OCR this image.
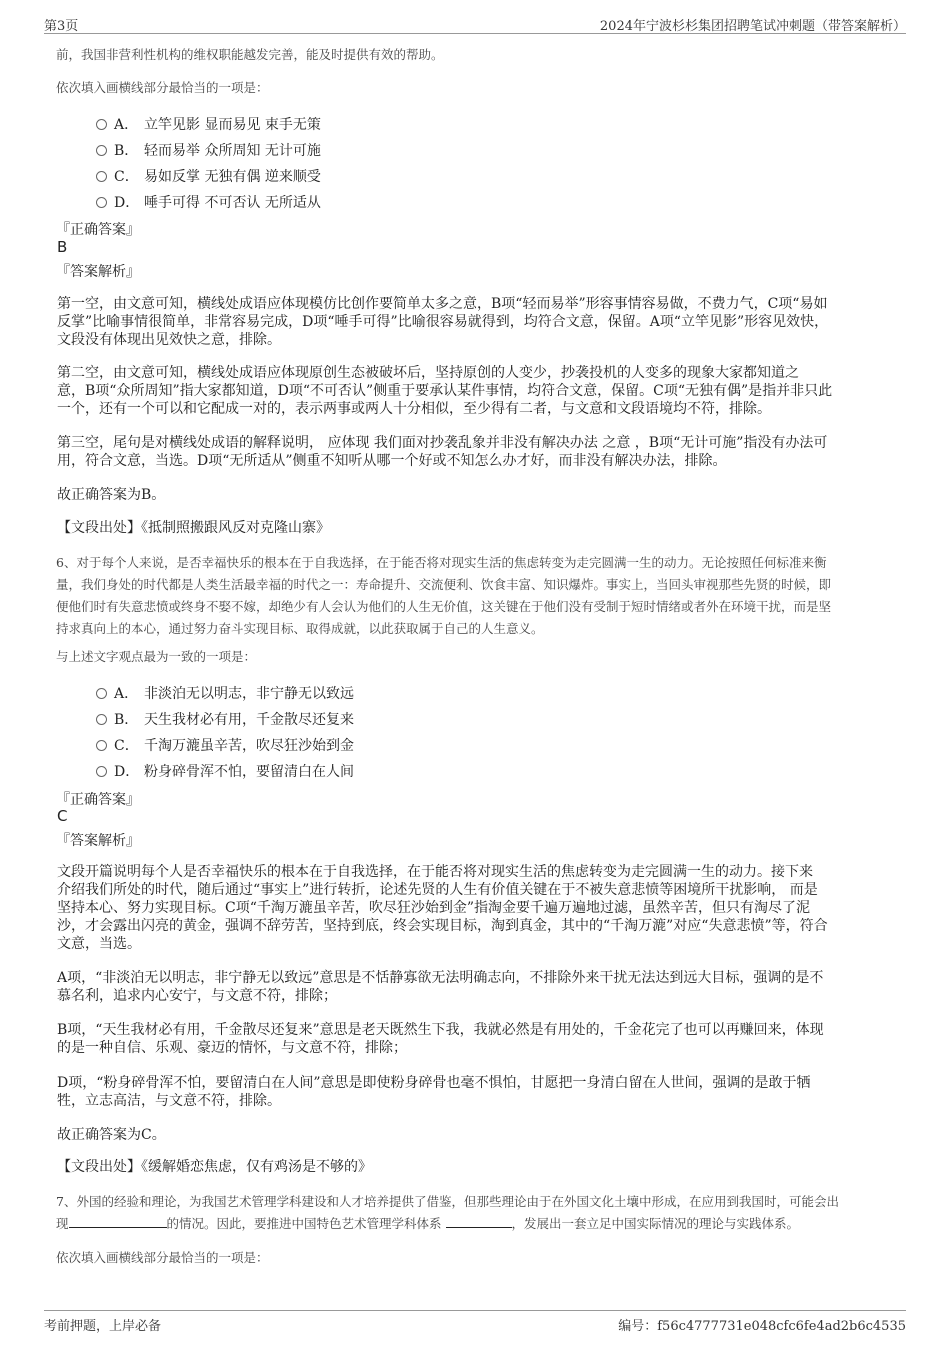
第3页	2024年宁波杉杉集团招聘笔试冲刺题（带答案解析）
前，我国非营利性机构的维权职能越发完善，能及时提供有效的帮助。
依次填入画横线部分最恰当的一项是：
A． 立竿见影 显而易见 束手无策
B． 轻而易举 众所周知 无计可施
C． 易如反掌 无独有偶 逆来顺受
D． 唾手可得 不可否认 无所适从
『正确答案』
B
『答案解析』
第一空，由文意可知，横线处成语应体现模仿比创作要简单太多之意，B项“轻而易举”形容事情容易做，不费力气，C项“易如
反掌”比喻事情很简单，非常容易完成，D项“唾手可得”比喻很容易就得到，均符合文意，保留。A项“立竿见影”形容见效快，
文段没有体现出见效快之意，排除。
第二空，由文意可知，横线处成语应体现原创生态被破坏后，坚持原创的人变少，抄袭投机的人变多的现象大家都知道之
意，B项“众所周知”指大家都知道，D项“不可否认”侧重于要承认某件事情，均符合文意，保留。C项“无独有偶”是指并非只此
一个，还有一个可以和它配成一对的，表示两事或两人十分相似，至少得有二者，与文意和文段语境均不符，排除。
第三空，尾句是对横线处成语的解释说明， 应体现 我们面对抄袭乱象并非没有解决办法 之意 ，B项“无计可施”指没有办法可
用，符合文意，当选。D项“无所适从”侧重不知听从哪一个好或不知怎么办才好，而非没有解决办法，排除。
故正确答案为B。
【文段出处】《抵制照搬跟风反对克隆山寨》
6、对于每个人来说，是否幸福快乐的根本在于自我选择，在于能否将对现实生活的焦虑转变为走完圆满一生的动力。无论按照任何标准来衡
量，我们身处的时代都是人类生活最幸福的时代之一：寿命提升、交流便利、饮食丰富、知识爆炸。事实上，当回头审视那些先贤的时候，即
便他们时有失意悲愤或终身不娶不嫁，却绝少有人会认为他们的人生无价值，这关键在于他们没有受制于短时情绪或者外在环境干扰，而是坚
持求真向上的本心，通过努力奋斗实现目标、取得成就，以此获取属于自己的人生意义。
与上述文字观点最为一致的一项是：
A． 非淡泊无以明志，非宁静无以致远
B． 天生我材必有用，千金散尽还复来
C． 千淘万漉虽辛苦，吹尽狂沙始到金
D． 粉身碎骨浑不怕，要留清白在人间
『正确答案』
C
『答案解析』
文段开篇说明每个人是否幸福快乐的根本在于自我选择，在于能否将对现实生活的焦虑转变为走完圆满一生的动力。接下来
介绍我们所处的时代，随后通过“事实上”进行转折，论述先贤的人生有价值关键在于不被失意悲愤等困境所干扰影响， 而是
坚持本心、努力实现目标。C项“千淘万漉虽辛苦，吹尽狂沙始到金”指淘金要千遍万遍地过滤，虽然辛苦，但只有淘尽了泥
沙，才会露出闪亮的黄金，强调不辞劳苦，坚持到底，终会实现目标，淘到真金，其中的“千淘万漉”对应“失意悲愤”等，符合
文意，当选。
A项，“非淡泊无以明志，非宁静无以致远”意思是不恬静寡欲无法明确志向，不排除外来干扰无法达到远大目标，强调的是不
慕名利，追求内心安宁，与文意不符，排除；
B项，“天生我材必有用，千金散尽还复来”意思是老天既然生下我，我就必然是有用处的，千金花完了也可以再赚回来，体现
的是一种自信、乐观、豪迈的情怀，与文意不符，排除；
D项，“粉身碎骨浑不怕，要留清白在人间”意思是即使粉身碎骨也毫不惧怕，甘愿把一身清白留在人世间，强调的是敢于牺
牲，立志高洁，与文意不符，排除。
故正确答案为C。
【文段出处】《缓解婚恋焦虑，仅有鸡汤是不够的》
7、外国的经验和理论，为我国艺术管理学科建设和人才培养提供了借鉴，但那些理论由于在外国文化土壤中形成，在应用到我国时，可能会出
现	的情况。因此，要推进中国特色艺术管理学科体系	，发展出一套立足中国实际情况的理论与实践体系。
依次填入画横线部分最恰当的一项是：
考前押题，上岸必备	编号：f56c4777731e048cfc6fe4ad2b6c4535
